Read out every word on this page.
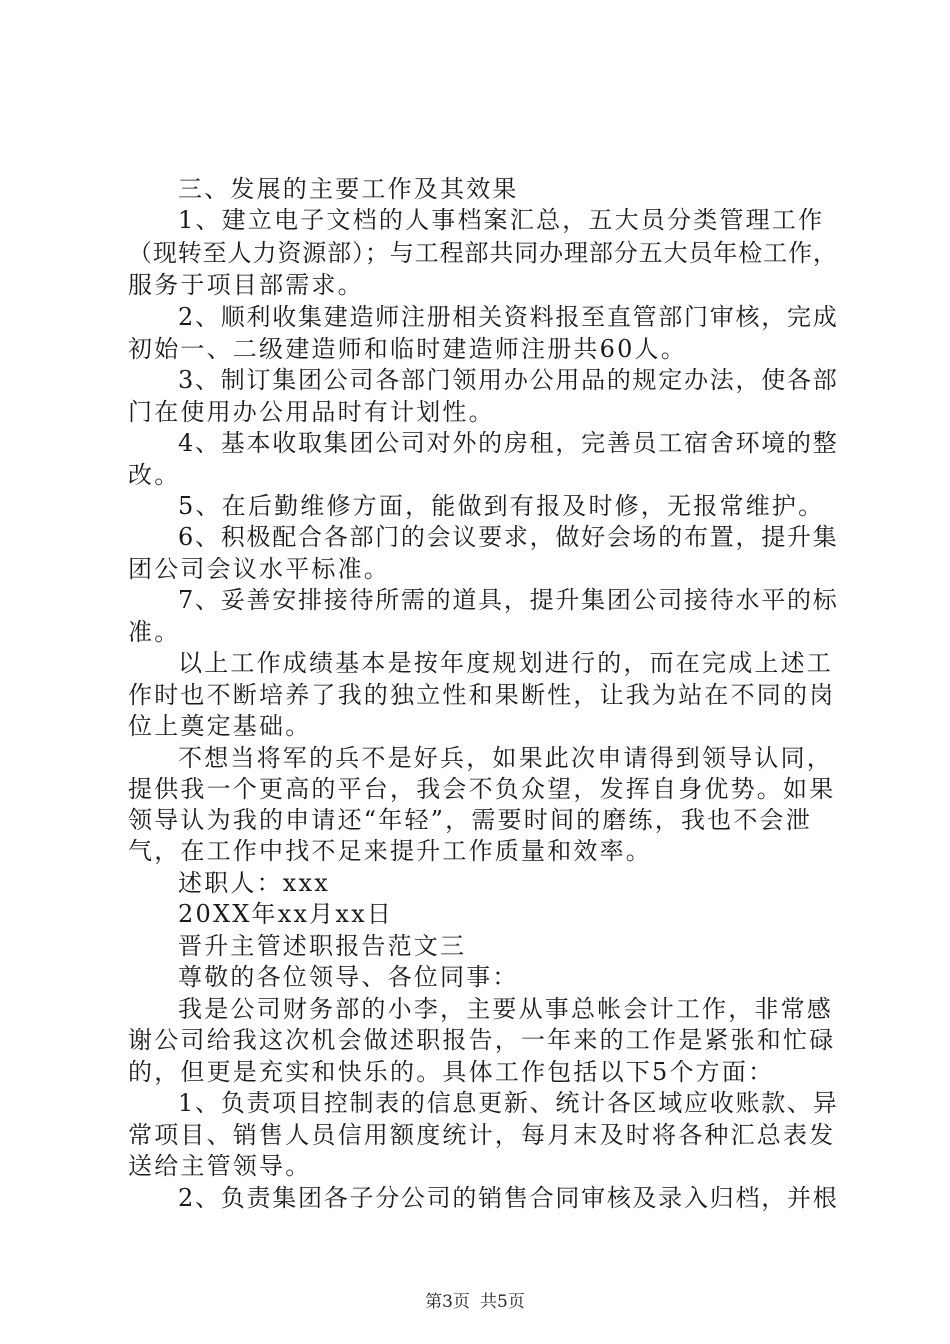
三、发展的主要工作及其效果
1、建立电子文档的人事档案汇总，五大员分类管理工作
（现转至人力资源部）；与工程部共同办理部分五大员年检工作，
服务于项目部需求。
2、顺利收集建造师注册相关资料报至直管部门审核，完成
初始一、二级建造师和临时建造师注册共60人。
3、制订集团公司各部门领用办公用品的规定办法，使各部
门在使用办公用品时有计划性。
4、基本收取集团公司对外的房租，完善员工宿舍环境的整
改。
5、在后勤维修方面，能做到有报及时修，无报常维护。
6、积极配合各部门的会议要求，做好会场的布置，提升集
团公司会议水平标准。
7、妥善安排接待所需的道具，提升集团公司接待水平的标
准。
以上工作成绩基本是按年度规划进行的，而在完成上述工
作时也不断培养了我的独立性和果断性，让我为站在不同的岗
位上奠定基础。
不想当将军的兵不是好兵，如果此次申请得到领导认同，
提供我一个更高的平台，我会不负众望，发挥自身优势。如果
领导认为我的申请还“年轻”，需要时间的磨练，我也不会泄
气，在工作中找不足来提升工作质量和效率。
述职人：xxx
20XX年xx月xx日
晋升主管述职报告范文三
尊敬的各位领导、各位同事：
我是公司财务部的小李，主要从事总帐会计工作，非常感
谢公司给我这次机会做述职报告，一年来的工作是紧张和忙碌
的，但更是充实和快乐的。具体工作包括以下5个方面：
1、负责项目控制表的信息更新、统计各区域应收账款、异
常项目、销售人员信用额度统计，每月末及时将各种汇总表发
送给主管领导。
2、负责集团各子分公司的销售合同审核及录入归档，并根
第3页 共5页
